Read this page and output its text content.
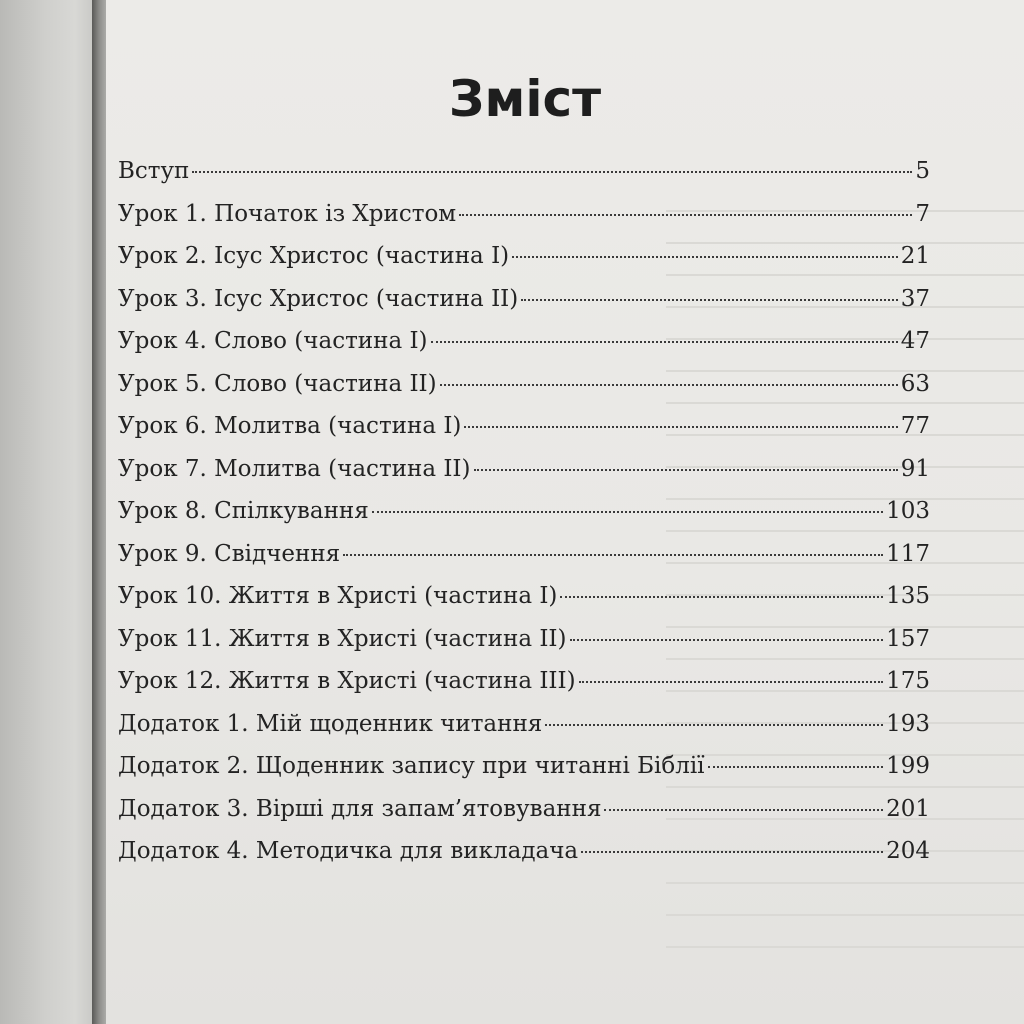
Зміст
Вступ	5
Урок 1. Початок із Христом	7
Урок 2. Ісус Христос (частина I)	21
Урок 3. Ісус Христос (частина II)	37
Урок 4. Слово (частина I)	47
Урок 5. Слово (частина II)	63
Урок 6. Молитва (частина I)	77
Урок 7. Молитва (частина II)	91
Урок 8. Спілкування	103
Урок 9. Свідчення	117
Урок 10. Життя в Христі (частина I)	135
Урок 11. Життя в Христі (частина II)	157
Урок 12. Життя в Христі (частина III)	175
Додаток 1. Мій щоденник читання	193
Додаток 2. Щоденник запису при читанні Біблії	199
Додаток 3. Вірші для запам’ятовування	201
Додаток 4. Методичка для викладача	204
